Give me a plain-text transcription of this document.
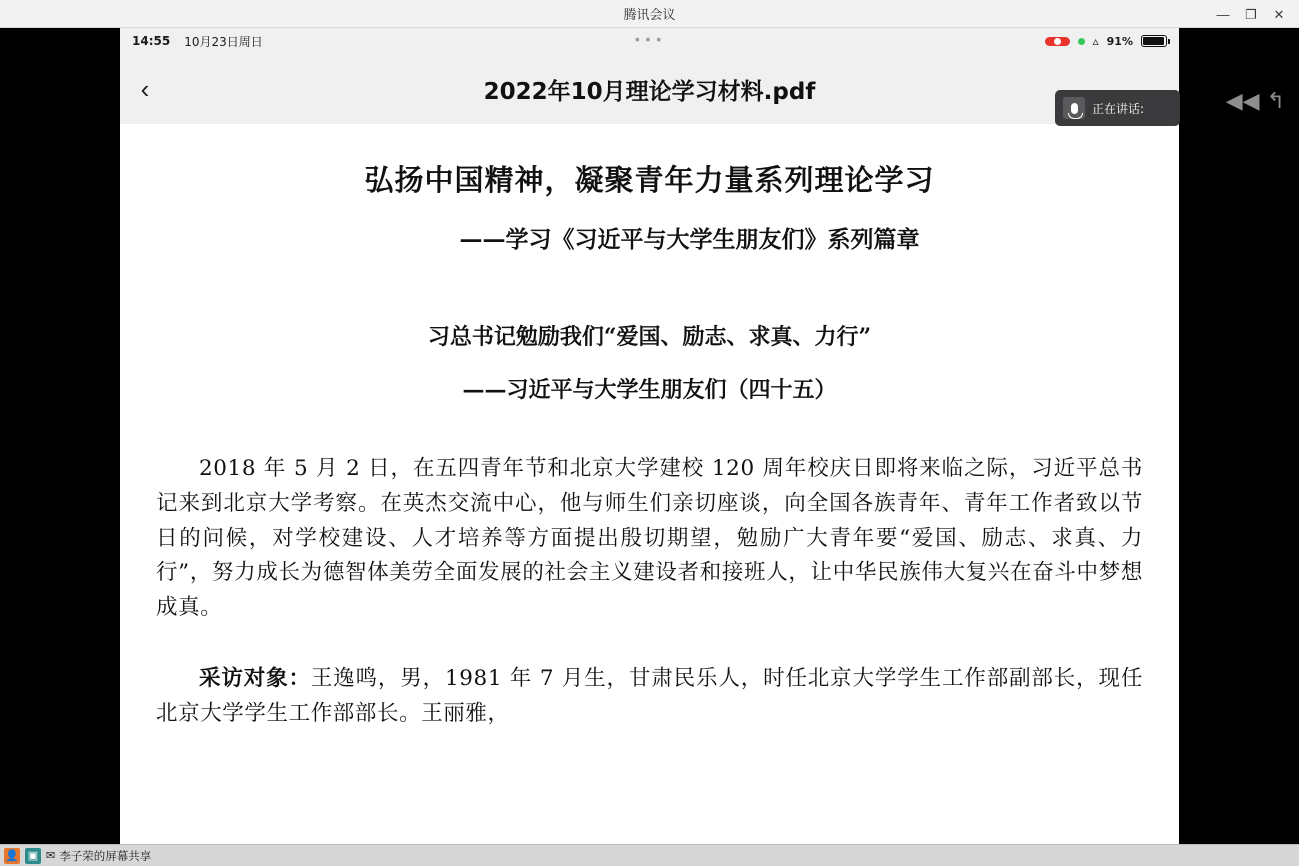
腾讯会议	—	❐	✕
14:55 10月23日周日	•••	▵ 91%
‹	2022年10月理论学习材料.pdf
弘扬中国精神，凝聚青年力量系列理论学习
——学习《习近平与大学生朋友们》系列篇章
习总书记勉励我们“爱国、励志、求真、力行”
——习近平与大学生朋友们（四十五）
2018 年 5 月 2 日，在五四青年节和北京大学建校 120 周年校庆日即将来临之际，习近平总书记来到北京大学考察。在英杰交流中心，他与师生们亲切座谈，向全国各族青年、青年工作者致以节日的问候，对学校建设、人才培养等方面提出殷切期望，勉励广大青年要“爱国、励志、求真、力行”，努力成长为德智体美劳全面发展的社会主义建设者和接班人，让中华民族伟大复兴在奋斗中梦想成真。
采访对象：王逸鸣，男，1981 年 7 月生，甘肃民乐人，时任北京大学学生工作部副部长，现任北京大学学生工作部部长。王丽雅，
正在讲话:	◀◀ ↰
👤 ▣ ✉ 李子荣的屏幕共享
